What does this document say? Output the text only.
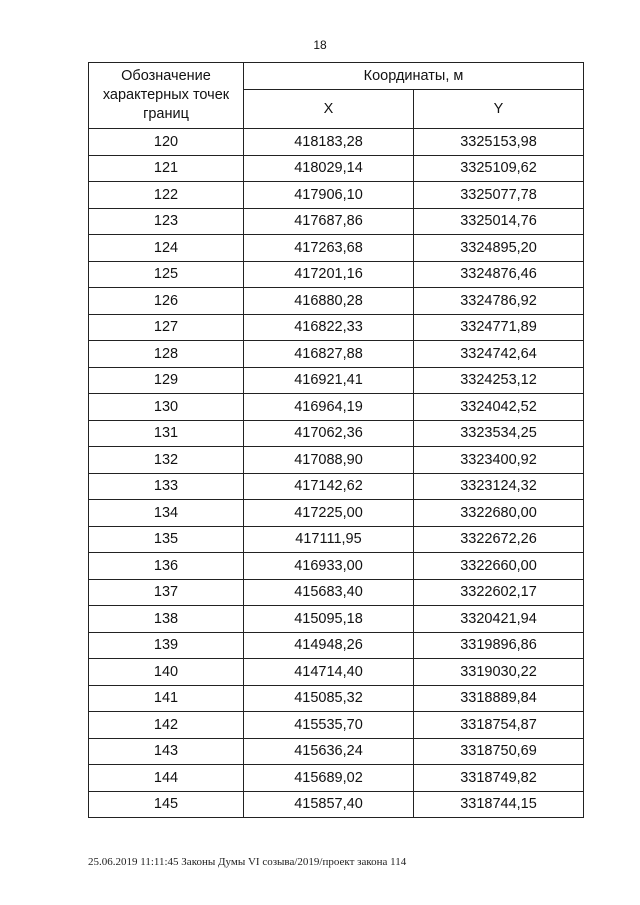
18
Обозначение характерных точек границ	Координаты, м	
	X	Y
120	418183,28	3325153,98
121	418029,14	3325109,62
122	417906,10	3325077,78
123	417687,86	3325014,76
124	417263,68	3324895,20
125	417201,16	3324876,46
126	416880,28	3324786,92
127	416822,33	3324771,89
128	416827,88	3324742,64
129	416921,41	3324253,12
130	416964,19	3324042,52
131	417062,36	3323534,25
132	417088,90	3323400,92
133	417142,62	3323124,32
134	417225,00	3322680,00
135	417111,95	3322672,26
136	416933,00	3322660,00
137	415683,40	3322602,17
138	415095,18	3320421,94
139	414948,26	3319896,86
140	414714,40	3319030,22
141	415085,32	3318889,84
142	415535,70	3318754,87
143	415636,24	3318750,69
144	415689,02	3318749,82
145	415857,40	3318744,15
25.06.2019 11:11:45 Законы Думы VI созыва/2019/проект закона 114
